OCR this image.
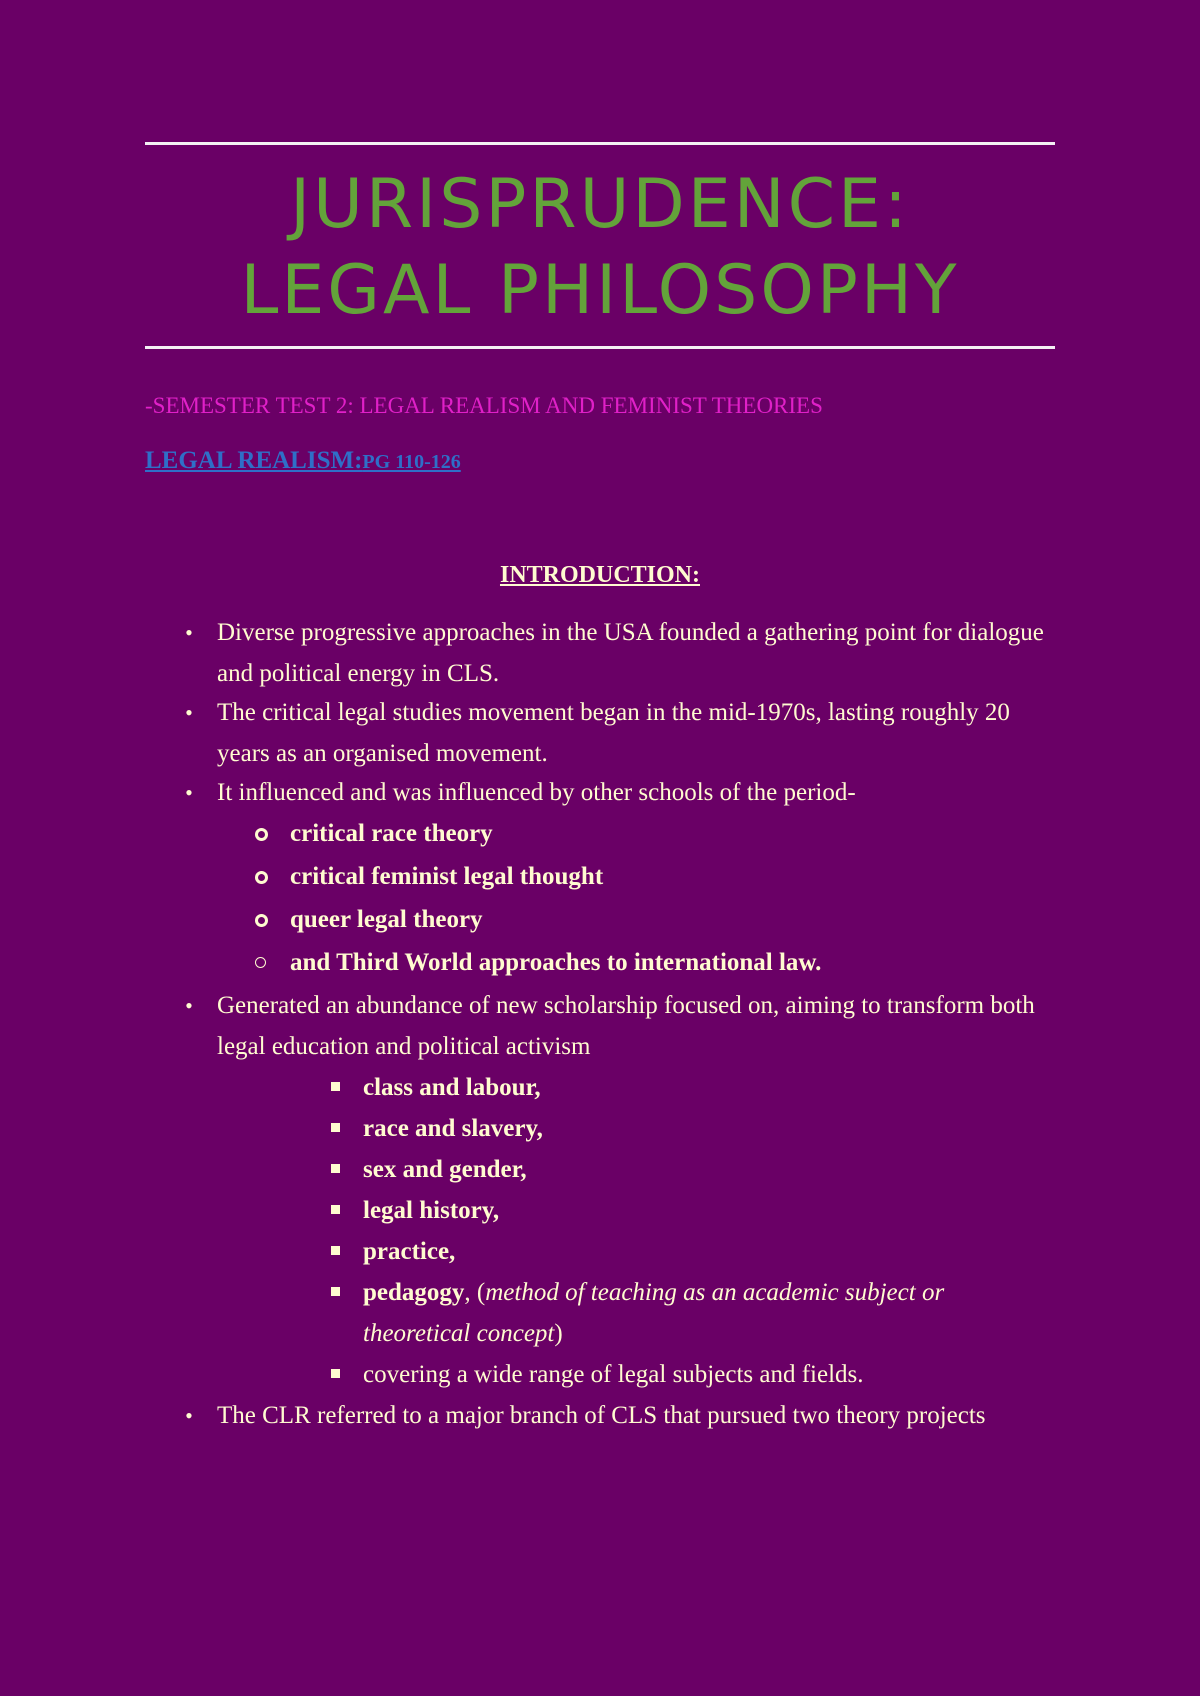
JURISPRUDENCE:
LEGAL PHILOSOPHY

-SEMESTER TEST 2: LEGAL REALISM AND FEMINIST THEORIES

LEGAL REALISM:PG 110-126

INTRODUCTION:

• Diverse progressive approaches in the USA founded a gathering point for dialogue and political energy in CLS.
• The critical legal studies movement began in the mid-1970s, lasting roughly 20 years as an organised movement.
• It influenced and was influenced by other schools of the period-
critical race theory
critical feminist legal thought
queer legal theory
and Third World approaches to international law.
• Generated an abundance of new scholarship focused on, aiming to transform both legal education and political activism
class and labour,
race and slavery,
sex and gender,
legal history,
practice,
pedagogy, (method of teaching as an academic subject or theoretical concept)
covering a wide range of legal subjects and fields.
• The CLR referred to a major branch of CLS that pursued two theory projects
